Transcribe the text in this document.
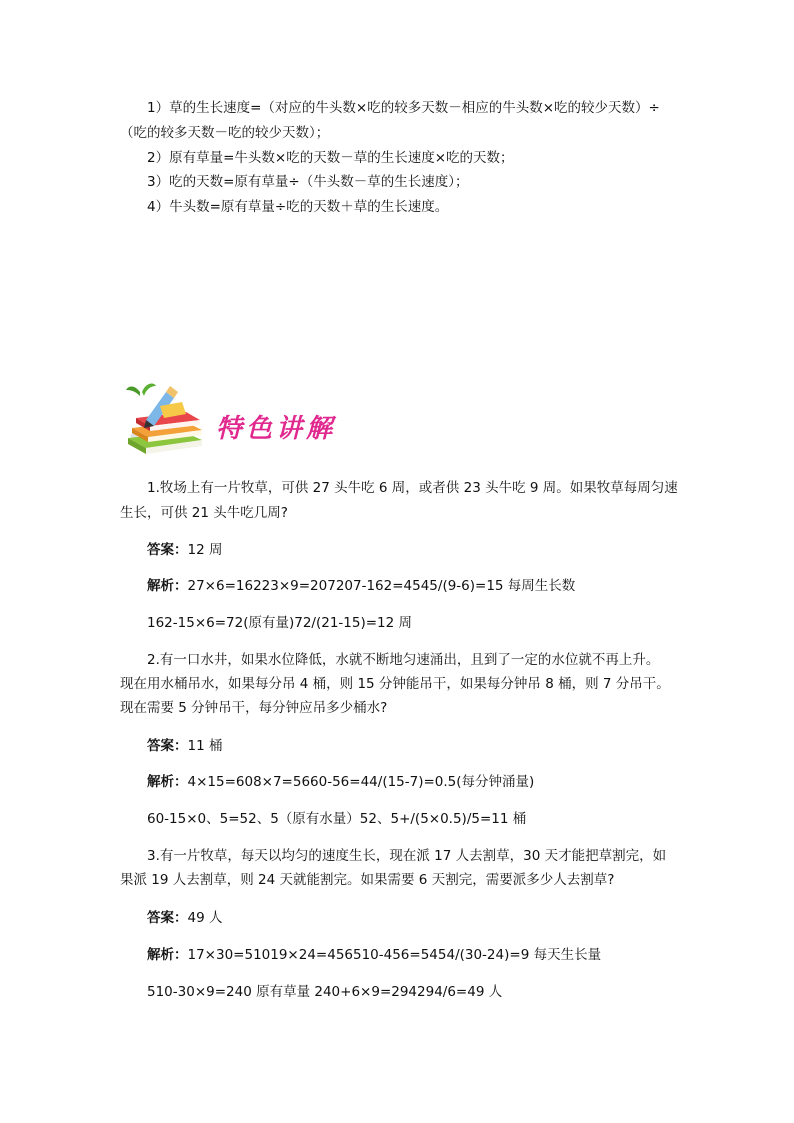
1）草的生长速度=（对应的牛头数×吃的较多天数－相应的牛头数×吃的较少天数）÷
（吃的较多天数－吃的较少天数）；
2）原有草量=牛头数×吃的天数－草的生长速度×吃的天数；
3）吃的天数=原有草量÷（牛头数－草的生长速度）；
4）牛头数=原有草量÷吃的天数＋草的生长速度。
特色讲解
1.牧场上有一片牧草，可供 27 头牛吃 6 周，或者供 23 头牛吃 9 周。如果牧草每周匀速
生长，可供 21 头牛吃几周?
答案：12 周
解析：27×6=16223×9=207207-162=4545/(9-6)=15 每周生长数
162-15×6=72(原有量)72/(21-15)=12 周
2.有一口水井，如果水位降低，水就不断地匀速涌出，且到了一定的水位就不再上升。
现在用水桶吊水，如果每分吊 4 桶，则 15 分钟能吊干，如果每分钟吊 8 桶，则 7 分吊干。
现在需要 5 分钟吊干，每分钟应吊多少桶水?
答案：11 桶
解析：4×15=608×7=5660-56=44/(15-7)=0.5(每分钟涌量)
60-15×0、5=52、5（原有水量）52、5+/(5×0.5)/5=11 桶
3.有一片牧草，每天以均匀的速度生长，现在派 17 人去割草，30 天才能把草割完，如
果派 19 人去割草，则 24 天就能割完。如果需要 6 天割完，需要派多少人去割草?
答案：49 人
解析：17×30=51019×24=456510-456=5454/(30-24)=9 每天生长量
510-30×9=240 原有草量 240+6×9=294294/6=49 人
